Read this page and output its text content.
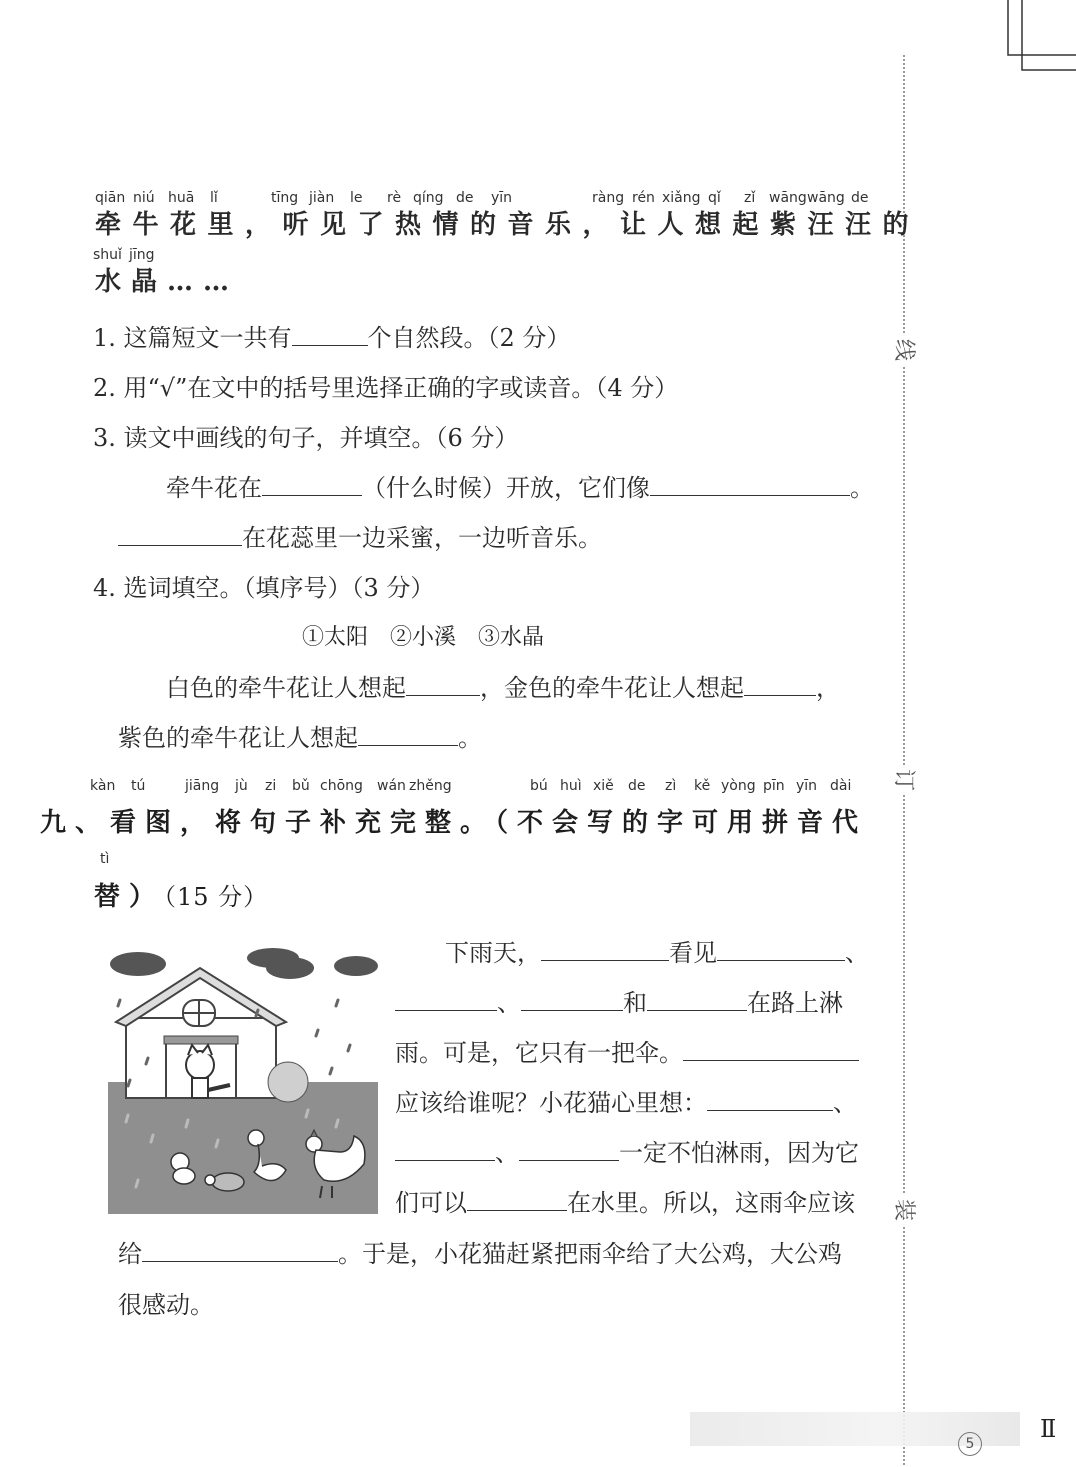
线
订
装
qiān niú huā lǐ	tīng jiàn le rè qíng de yīn	ràng rén xiǎng qǐ zǐ wāng wāng de
牵牛花里，听见了热情的音乐，让人想起紫汪汪的
shuǐ jīng
水晶……
1. 这篇短文一共有	个自然段。（2 分）
2. 用“√”在文中的括号里选择正确的字或读音。（4 分）
3. 读文中画线的句子，并填空。（6 分）
牵牛花在	（什么时候）开放，它们像	。
在花蕊里一边采蜜，一边听音乐。
4. 选词填空。（填序号）（3 分）
①太阳　②小溪　③水晶
白色的牵牛花让人想起	，金色的牵牛花让人想起	，
紫色的牵牛花让人想起	。
kàn tú	jiāng jù zi bǔ chōng wán zhěng	bú huì xiě de zì kě yòng pīn yīn dài
九、看图，将句子补充完整。（不会写的字可用拼音代
tì
替）（15 分）
下雨天，	看见	、
、	和	在路上淋
雨。可是，它只有一把伞。
应该给谁呢？小花猫心里想：	、
、	一定不怕淋雨，因为它
们可以	在水里。所以，这雨伞应该
给	。于是，小花猫赶紧把雨伞给了大公鸡，大公鸡
很感动。
5
Ⅱ
